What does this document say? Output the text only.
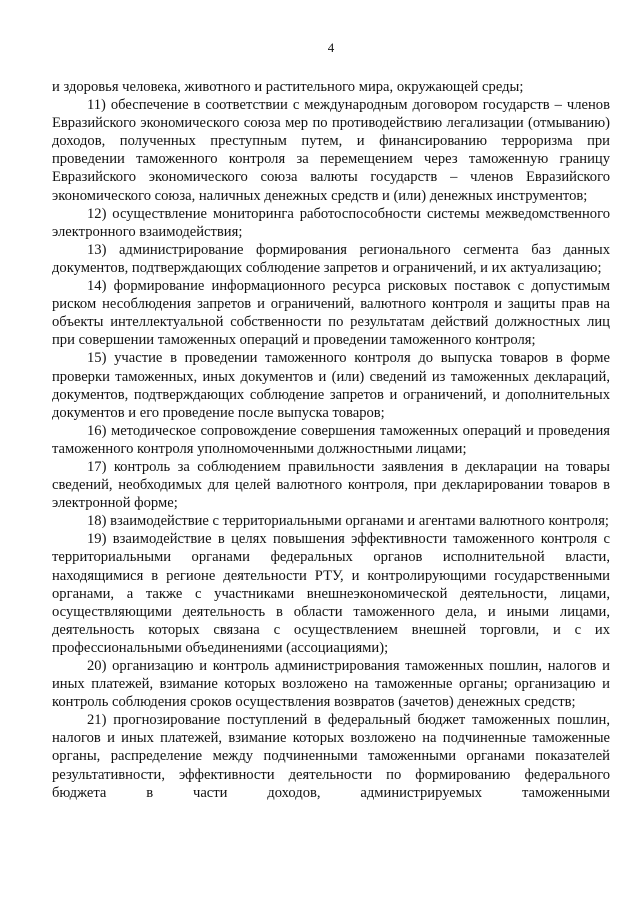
4

и здоровья человека, животного и растительного мира, окружающей среды;

11) обеспечение в соответствии с международным договором государств – членов Евразийского экономического союза мер по противодействию легализации (отмыванию) доходов, полученных преступным путем, и финансированию терроризма при проведении таможенного контроля за перемещением через таможенную границу Евразийского экономического союза валюты государств – членов Евразийского экономического союза, наличных денежных средств и (или) денежных инструментов;

12) осуществление мониторинга работоспособности системы межведомственного электронного взаимодействия;

13) администрирование формирования регионального сегмента баз данных документов, подтверждающих соблюдение запретов и ограничений, и их актуализацию;

14) формирование информационного ресурса рисковых поставок с допустимым риском несоблюдения запретов и ограничений, валютного контроля и защиты прав на объекты интеллектуальной собственности по результатам действий должностных лиц при совершении таможенных операций и проведении таможенного контроля;

15) участие в проведении таможенного контроля до выпуска товаров в форме проверки таможенных, иных документов и (или) сведений из таможенных деклараций, документов, подтверждающих соблюдение запретов и ограничений, и дополнительных документов и его проведение после выпуска товаров;

16) методическое сопровождение совершения таможенных операций и проведения таможенного контроля уполномоченными должностными лицами;

17) контроль за соблюдением правильности заявления в декларации на товары сведений, необходимых для целей валютного контроля, при декларировании товаров в электронной форме;

18) взаимодействие с территориальными органами и агентами валютного контроля;

19) взаимодействие в целях повышения эффективности таможенного контроля с территориальными органами федеральных органов исполнительной власти, находящимися в регионе деятельности РТУ, и контролирующими государственными органами, а также с участниками внешнеэкономической деятельности, лицами, осуществляющими деятельность в области таможенного дела, и иными лицами, деятельность которых связана с осуществлением внешней торговли, и с их профессиональными объединениями (ассоциациями);

20) организацию и контроль администрирования таможенных пошлин, налогов и иных платежей, взимание которых возложено на таможенные органы; организацию и контроль соблюдения сроков осуществления возвратов (зачетов) денежных средств;

21) прогнозирование поступлений в федеральный бюджет таможенных пошлин, налогов и иных платежей, взимание которых возложено на подчиненные таможенные органы, распределение между подчиненными таможенными органами показателей результативности, эффективности деятельности по формированию федерального бюджета в части доходов, администрируемых таможенными
